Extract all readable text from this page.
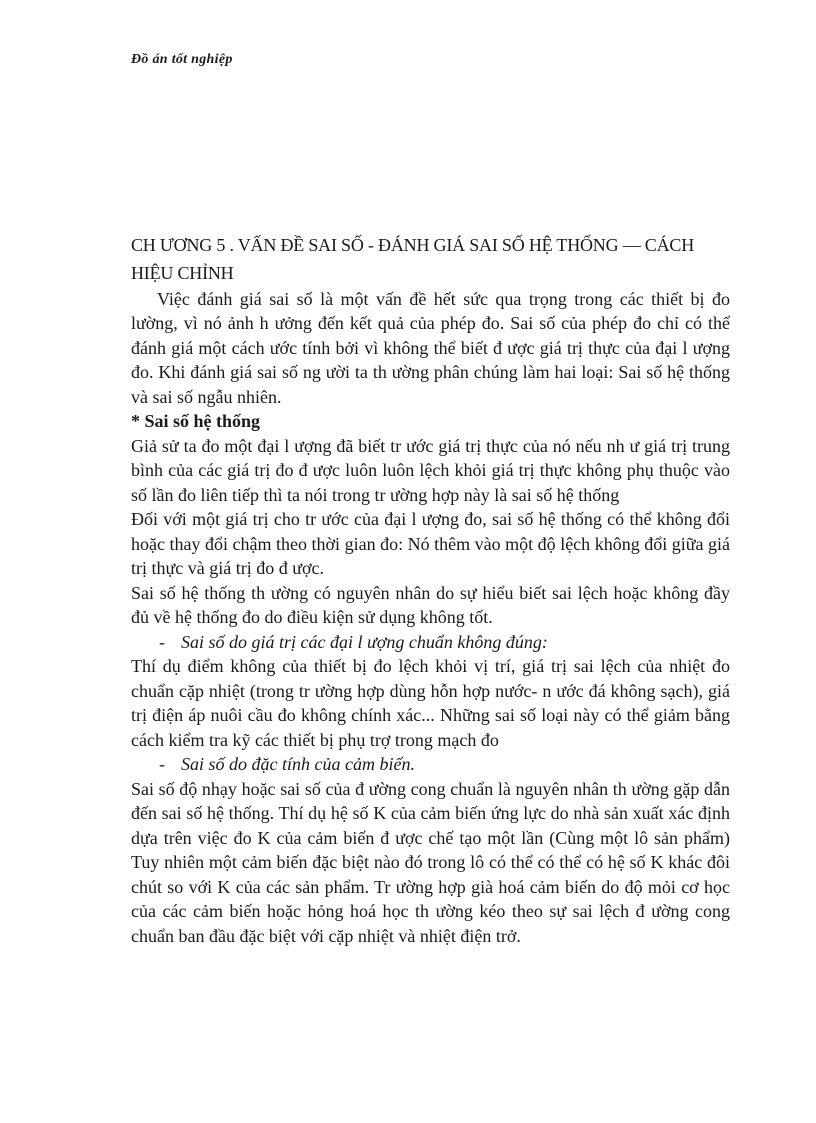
Đồ án tốt nghiệp

CH ƯƠNG 5 . VẤN ĐỀ SAI SỐ - ĐÁNH GIÁ SAI SỐ HỆ THỐNG — CÁCH HIỆU CHỈNH

Việc đánh giá sai số là một vấn đề hết sức qua trọng trong các thiết bị đo lường, vì nó ảnh h ưởng đến kết quả của phép đo. Sai số của phép đo chỉ có thể đánh giá một cách ước tính bởi vì không thể biết đ ược giá trị thực của đại l ượng đo. Khi đánh giá sai số ng ười ta th ường phân chúng làm hai loại: Sai số hệ thống và sai số ngẫu nhiên.

* Sai số hệ thống

Giả sử ta đo một đại l ượng đã biết tr ước giá trị thực của nó nếu nh ư giá trị trung bình của các giá trị đo đ ược luôn luôn lệch khỏi giá trị thực không phụ thuộc vào số lần đo liên tiếp thì ta nói trong tr ường hợp này là sai số hệ thống

Đối với một giá trị cho tr ước của đại l ượng đo, sai số hệ thống có thể không đổi hoặc thay đổi chậm theo thời gian đo: Nó thêm vào một độ lệch không đổi giữa giá trị thực và giá trị đo đ ược.

Sai số hệ thống th ường có nguyên nhân do sự hiểu biết sai lệch hoặc không đầy đủ về hệ thống đo do điều kiện sử dụng không tốt.

- Sai số do giá trị các đại l ượng chuẩn không đúng:

Thí dụ điểm không của thiết bị đo lệch khỏi vị trí, giá trị sai lệch của nhiệt đo chuẩn cặp nhiệt (trong tr ường hợp dùng hỗn hợp nước- n ước đá không sạch), giá trị điện áp nuôi cầu đo không chính xác... Những sai số loại này có thể giảm bằng cách kiểm tra kỹ các thiết bị phụ trợ trong mạch đo

- Sai số do đặc tính của cảm biến.

Sai số độ nhạy hoặc sai số của đ ường cong chuẩn là nguyên nhân th ường gặp dẫn đến sai số hệ thống. Thí dụ hệ số K của cảm biến ứng lực do nhà sản xuất xác định dựa trên việc đo K của cảm biến đ ược chế tạo một lần (Cùng một lô sản phẩm) Tuy nhiên một cảm biến đặc biệt nào đó trong lô có thể có thể có hệ số K khác đôi chút so với K của các sản phẩm. Tr ường hợp già hoá cảm biến do độ mỏi cơ học của các cảm biến hoặc hỏng hoá học th ường kéo theo sự sai lệch đ ường cong chuẩn ban đầu đặc biệt với cặp nhiệt và nhiệt điện trở.
